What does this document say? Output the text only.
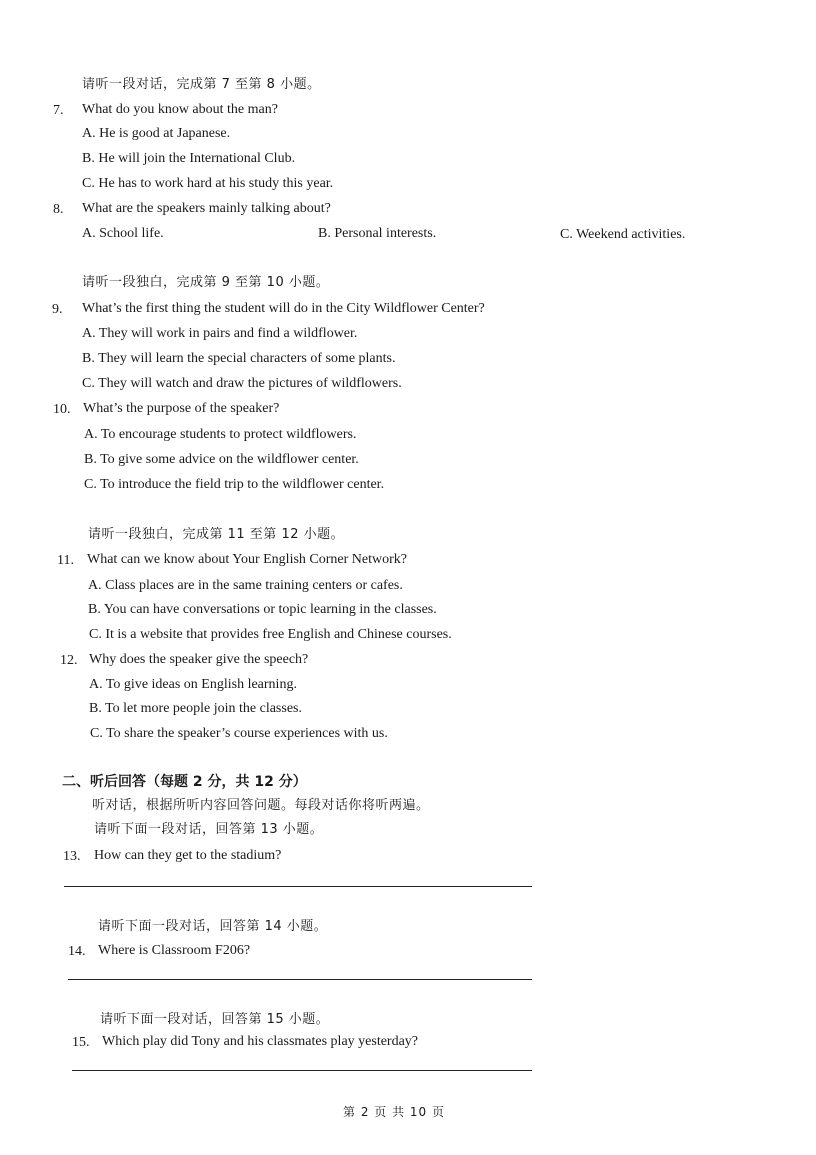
请听一段对话，完成第 7 至第 8 小题。
7. What do you know about the man?
A. He is good at Japanese.
B. He will join the International Club.
C. He has to work hard at his study this year.
8. What are the speakers mainly talking about?
A. School life.	B. Personal interests.	C. Weekend activities.
请听一段独白，完成第 9 至第 10 小题。
9. What’s the first thing the student will do in the City Wildflower Center?
A. They will work in pairs and find a wildflower.
B. They will learn the special characters of some plants.
C. They will watch and draw the pictures of wildflowers.
10. What’s the purpose of the speaker?
A. To encourage students to protect wildflowers.
B. To give some advice on the wildflower center.
C. To introduce the field trip to the wildflower center.
请听一段独白，完成第 11 至第 12 小题。
11. What can we know about Your English Corner Network?
A. Class places are in the same training centers or cafes.
B. You can have conversations or topic learning in the classes.
C. It is a website that provides free English and Chinese courses.
12. Why does the speaker give the speech?
A. To give ideas on English learning.
B. To let more people join the classes.
C. To share the speaker’s course experiences with us.
二、听后回答（每题 2 分，共 12 分）
听对话，根据所听内容回答问题。每段对话你将听两遍。
请听下面一段对话，回答第 13 小题。
13. How can they get to the stadium?
请听下面一段对话，回答第 14 小题。
14. Where is Classroom F206?
请听下面一段对话，回答第 15 小题。
15. Which play did Tony and his classmates play yesterday?
第 2 页 共 10 页
